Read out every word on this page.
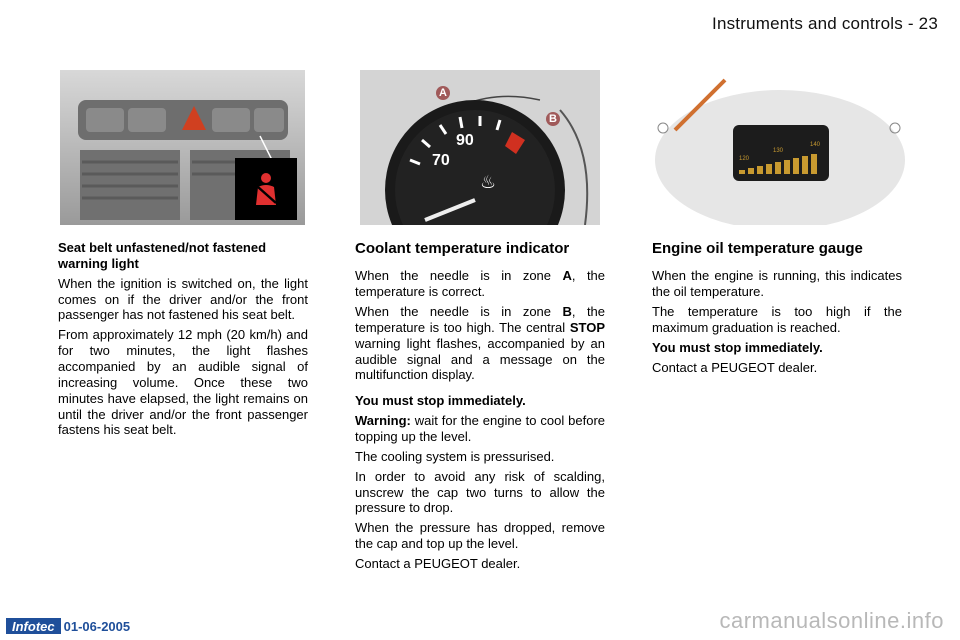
Instruments and controls - 23
A
B
70
90
♨
120
130
140
Seat belt unfastened/not fastened warning light

When the ignition is switched on, the light comes on if the driver and/or the front passenger has not fastened his seat belt.

From approximately 12 mph (20 km/h) and for two minutes, the light flashes accompanied by an audible signal of increasing volume. Once these two minutes have elapsed, the light remains on until the driver and/or the front passenger fastens his seat belt.

Coolant temperature indicator

When the needle is in zone A, the temperature is correct.

When the needle is in zone B, the temperature is too high. The central STOP warning light flashes, accompanied by an audible signal and a message on the multifunction display.

You must stop immediately.

Warning: wait for the engine to cool before topping up the level.

The cooling system is pressurised.

In order to avoid any risk of scalding, unscrew the cap two turns to allow the pressure to drop.

When the pressure has dropped, remove the cap and top up the level.

Contact a PEUGEOT dealer.

Engine oil temperature gauge

When the engine is running, this indicates the oil temperature.

The temperature is too high if the maximum graduation is reached.

You must stop immediately.

Contact a PEUGEOT dealer.

Infotec 01-06-2005	carmanualsonline.info
